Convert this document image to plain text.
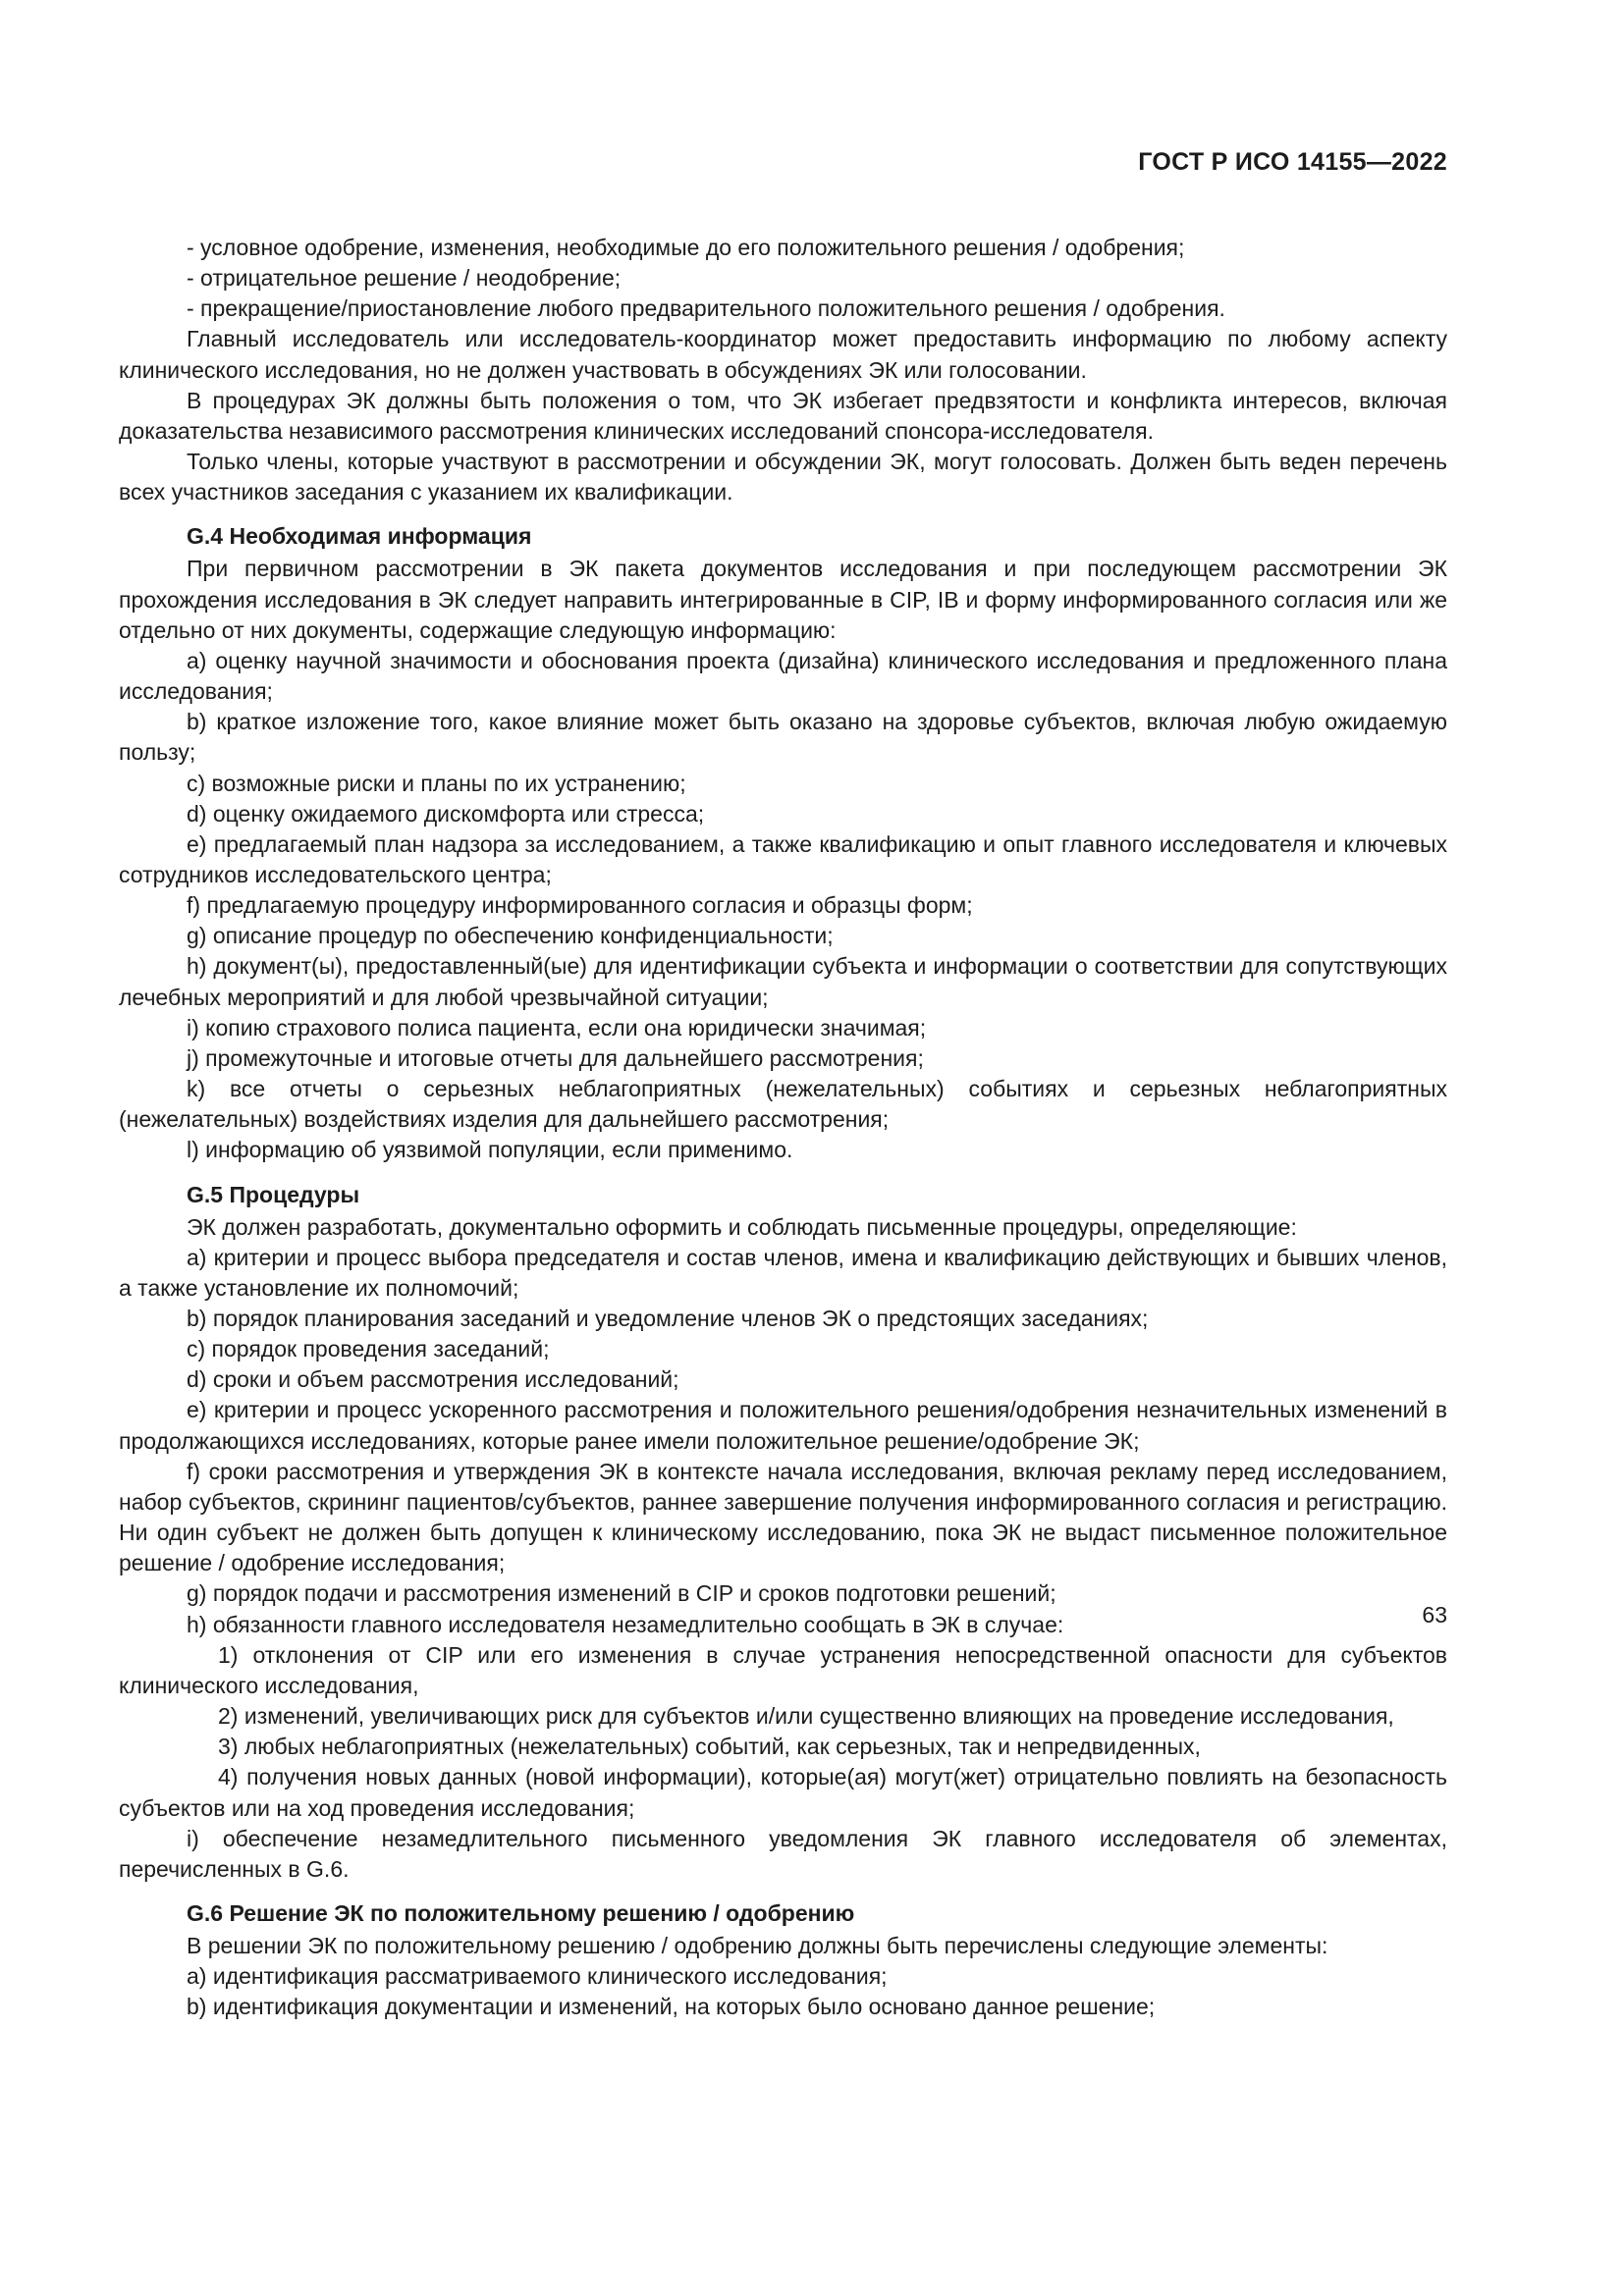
ГОСТ Р ИСО 14155—2022

- условное одобрение, изменения, необходимые до его положительного решения / одобрения;

- отрицательное решение / неодобрение;

- прекращение/приостановление любого предварительного положительного решения / одобрения.

Главный исследователь или исследователь-координатор может предоставить информацию по любому аспекту клинического исследования, но не должен участвовать в обсуждениях ЭК или голосовании.

В процедурах ЭК должны быть положения о том, что ЭК избегает предвзятости и конфликта интересов, включая доказательства независимого рассмотрения клинических исследований спонсора-исследователя.

Только члены, которые участвуют в рассмотрении и обсуждении ЭК, могут голосовать. Должен быть веден перечень всех участников заседания с указанием их квалификации.

G.4 Необходимая информация

При первичном рассмотрении в ЭК пакета документов исследования и при последующем рассмотрении ЭК прохождения исследования в ЭК следует направить интегрированные в CIP, IB и форму информированного согласия или же отдельно от них документы, содержащие следующую информацию:

a) оценку научной значимости и обоснования проекта (дизайна) клинического исследования и предложенного плана исследования;

b) краткое изложение того, какое влияние может быть оказано на здоровье субъектов, включая любую ожидаемую пользу;

c) возможные риски и планы по их устранению;

d) оценку ожидаемого дискомфорта или стресса;

e) предлагаемый план надзора за исследованием, а также квалификацию и опыт главного исследователя и ключевых сотрудников исследовательского центра;

f) предлагаемую процедуру информированного согласия и образцы форм;

g) описание процедур по обеспечению конфиденциальности;

h) документ(ы), предоставленный(ые) для идентификации субъекта и информации о соответствии для сопутствующих лечебных мероприятий и для любой чрезвычайной ситуации;

i) копию страхового полиса пациента, если она юридически значимая;

j) промежуточные и итоговые отчеты для дальнейшего рассмотрения;

k) все отчеты о серьезных неблагоприятных (нежелательных) событиях и серьезных неблагоприятных (нежелательных) воздействиях изделия для дальнейшего рассмотрения;

l) информацию об уязвимой популяции, если применимо.

G.5 Процедуры

ЭК должен разработать, документально оформить и соблюдать письменные процедуры, определяющие:

a) критерии и процесс выбора председателя и состав членов, имена и квалификацию действующих и бывших членов, а также установление их полномочий;

b) порядок планирования заседаний и уведомление членов ЭК о предстоящих заседаниях;

c) порядок проведения заседаний;

d) сроки и объем рассмотрения исследований;

e) критерии и процесс ускоренного рассмотрения и положительного решения/одобрения незначительных изменений в продолжающихся исследованиях, которые ранее имели положительное решение/одобрение ЭК;

f) сроки рассмотрения и утверждения ЭК в контексте начала исследования, включая рекламу перед исследованием, набор субъектов, скрининг пациентов/субъектов, раннее завершение получения информированного согласия и регистрацию. Ни один субъект не должен быть допущен к клиническому исследованию, пока ЭК не выдаст письменное положительное решение / одобрение исследования;

g) порядок подачи и рассмотрения изменений в CIP и сроков подготовки решений;

h) обязанности главного исследователя незамедлительно сообщать в ЭК в случае:

1) отклонения от CIP или его изменения в случае устранения непосредственной опасности для субъектов клинического исследования,

2) изменений, увеличивающих риск для субъектов и/или существенно влияющих на проведение исследования,

3) любых неблагоприятных (нежелательных) событий, как серьезных, так и непредвиденных,

4) получения новых данных (новой информации), которые(ая) могут(жет) отрицательно повлиять на безопасность субъектов или на ход проведения исследования;

i) обеспечение незамедлительного письменного уведомления ЭК главного исследователя об элементах, перечисленных в G.6.

G.6 Решение ЭК по положительному решению / одобрению

В решении ЭК по положительному решению / одобрению должны быть перечислены следующие элементы:

a) идентификация рассматриваемого клинического исследования;

b) идентификация документации и изменений, на которых было основано данное решение;

63
